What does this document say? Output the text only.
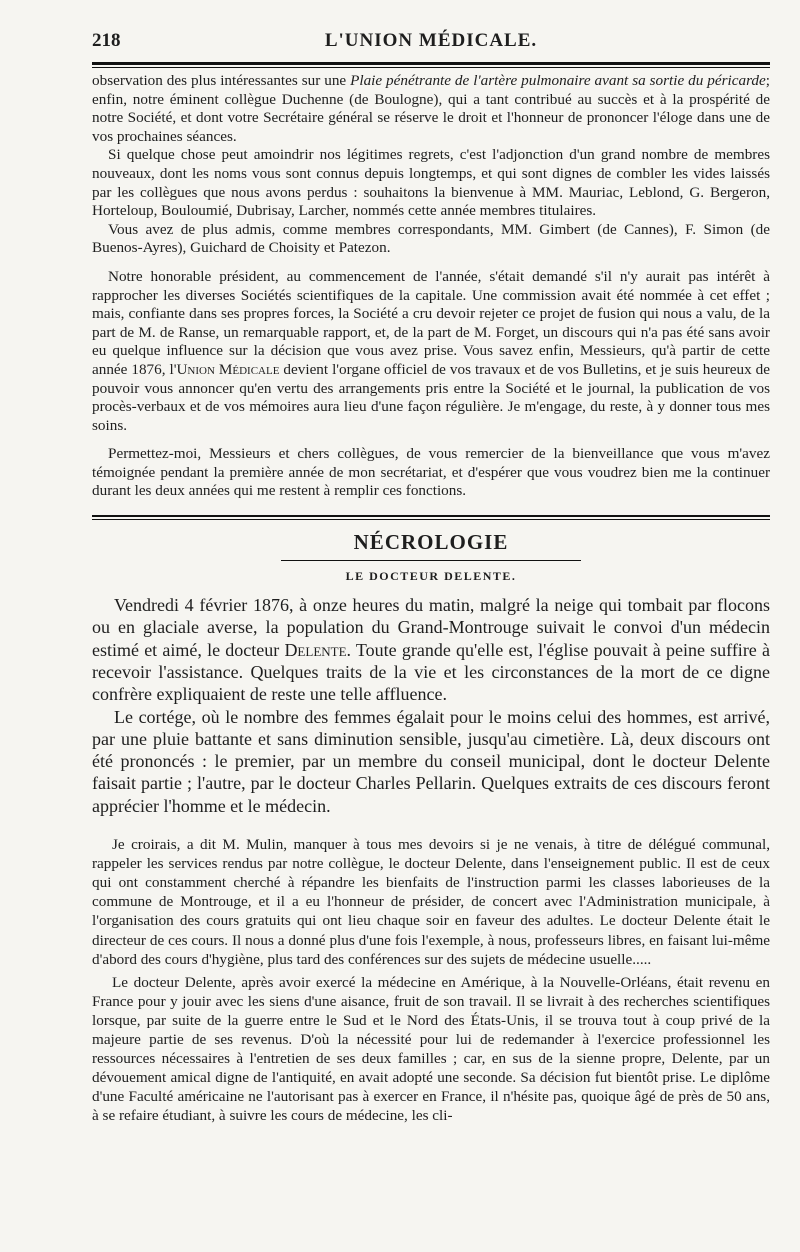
218	L'UNION MÉDICALE.

observation des plus intéressantes sur une Plaie pénétrante de l'artère pulmonaire avant sa sortie du péricarde; enfin, notre éminent collègue Duchenne (de Boulogne), qui a tant contribué au succès et à la prospérité de notre Société, et dont votre Secrétaire général se réserve le droit et l'honneur de prononcer l'éloge dans une de vos prochaines séances.

Si quelque chose peut amoindrir nos légitimes regrets, c'est l'adjonction d'un grand nombre de membres nouveaux, dont les noms vous sont connus depuis longtemps, et qui sont dignes de combler les vides laissés par les collègues que nous avons perdus : souhaitons la bienvenue à MM. Mauriac, Leblond, G. Bergeron, Horteloup, Bouloumié, Dubrisay, Larcher, nommés cette année membres titulaires.

Vous avez de plus admis, comme membres correspondants, MM. Gimbert (de Cannes), F. Simon (de Buenos-Ayres), Guichard de Choisity et Patezon.

Notre honorable président, au commencement de l'année, s'était demandé s'il n'y aurait pas intérêt à rapprocher les diverses Sociétés scientifiques de la capitale. Une commission avait été nommée à cet effet ; mais, confiante dans ses propres forces, la Société a cru devoir rejeter ce projet de fusion qui nous a valu, de la part de M. de Ranse, un remarquable rapport, et, de la part de M. Forget, un discours qui n'a pas été sans avoir eu quelque influence sur la décision que vous avez prise. Vous savez enfin, Messieurs, qu'à partir de cette année 1876, l'Union Médicale devient l'organe officiel de vos travaux et de vos Bulletins, et je suis heureux de pouvoir vous annoncer qu'en vertu des arrangements pris entre la Société et le journal, la publication de vos procès-verbaux et de vos mémoires aura lieu d'une façon régulière. Je m'engage, du reste, à y donner tous mes soins.

Permettez-moi, Messieurs et chers collègues, de vous remercier de la bienveillance que vous m'avez témoignée pendant la première année de mon secrétariat, et d'espérer que vous voudrez bien me la continuer durant les deux années qui me restent à remplir ces fonctions.

NÉCROLOGIE
LE DOCTEUR DELENTE.

Vendredi 4 février 1876, à onze heures du matin, malgré la neige qui tombait par flocons ou en glaciale averse, la population du Grand-Montrouge suivait le convoi d'un médecin estimé et aimé, le docteur Delente. Toute grande qu'elle est, l'église pouvait à peine suffire à recevoir l'assistance. Quelques traits de la vie et les circonstances de la mort de ce digne confrère expliquaient de reste une telle affluence.

Le cortége, où le nombre des femmes égalait pour le moins celui des hommes, est arrivé, par une pluie battante et sans diminution sensible, jusqu'au cimetière. Là, deux discours ont été prononcés : le premier, par un membre du conseil municipal, dont le docteur Delente faisait partie ; l'autre, par le docteur Charles Pellarin. Quelques extraits de ces discours feront apprécier l'homme et le médecin.

Je croirais, a dit M. Mulin, manquer à tous mes devoirs si je ne venais, à titre de délégué communal, rappeler les services rendus par notre collègue, le docteur Delente, dans l'enseignement public. Il est de ceux qui ont constamment cherché à répandre les bienfaits de l'instruction parmi les classes laborieuses de la commune de Montrouge, et il a eu l'honneur de présider, de concert avec l'Administration municipale, à l'organisation des cours gratuits qui ont lieu chaque soir en faveur des adultes. Le docteur Delente était le directeur de ces cours. Il nous a donné plus d'une fois l'exemple, à nous, professeurs libres, en faisant lui-même d'abord des cours d'hygiène, plus tard des conférences sur des sujets de médecine usuelle.....

Le docteur Delente, après avoir exercé la médecine en Amérique, à la Nouvelle-Orléans, était revenu en France pour y jouir avec les siens d'une aisance, fruit de son travail. Il se livrait à des recherches scientifiques lorsque, par suite de la guerre entre le Sud et le Nord des États-Unis, il se trouva tout à coup privé de la majeure partie de ses revenus. D'où la nécessité pour lui de redemander à l'exercice professionnel les ressources nécessaires à l'entretien de ses deux familles ; car, en sus de la sienne propre, Delente, par un dévouement amical digne de l'antiquité, en avait adopté une seconde. Sa décision fut bientôt prise. Le diplôme d'une Faculté américaine ne l'autorisant pas à exercer en France, il n'hésite pas, quoique âgé de près de 50 ans, à se refaire étudiant, à suivre les cours de médecine, les cli-
